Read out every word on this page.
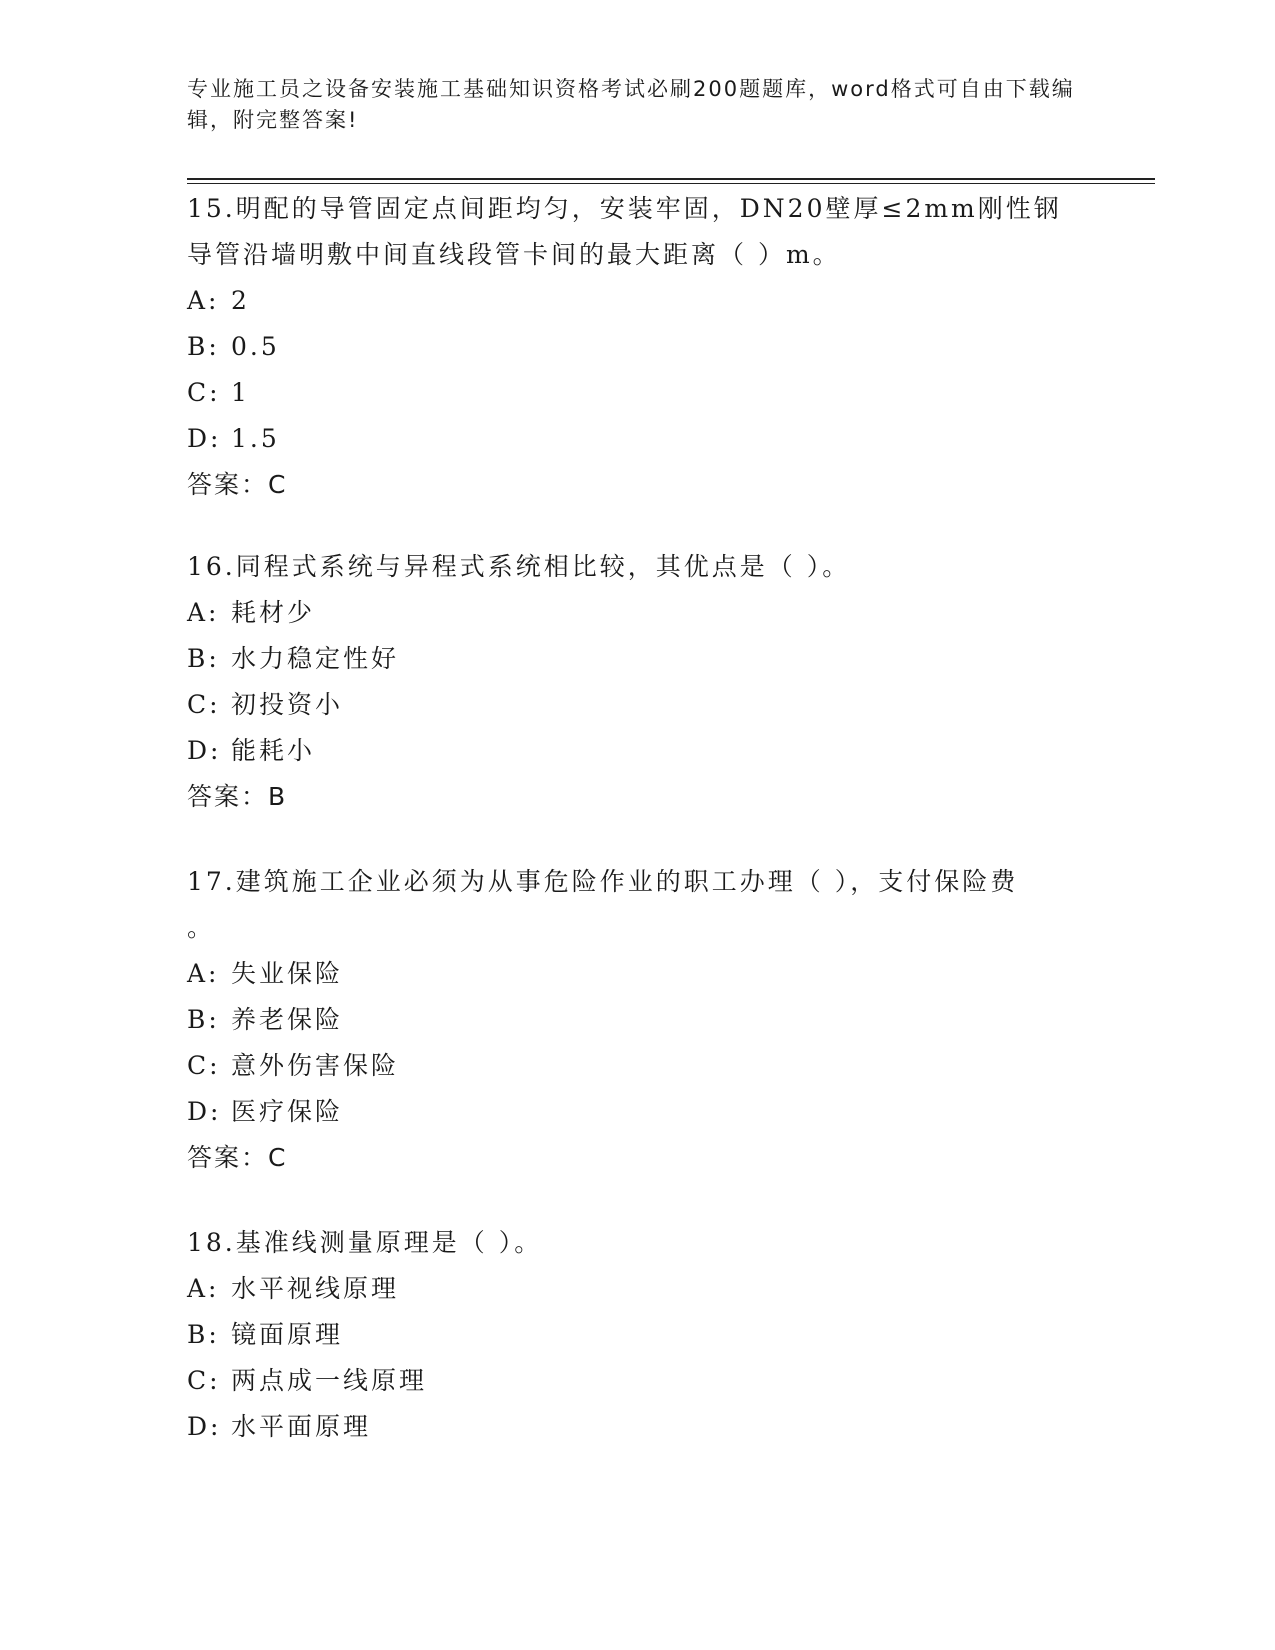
专业施工员之设备安装施工基础知识资格考试必刷200题题库，word格式可自由下载编辑，附完整答案!

15.明配的导管固定点间距均匀，安装牢固，DN20壁厚≤2mm刚性钢导管沿墙明敷中间直线段管卡间的最大距离（ ）m。

A: 2

B: 0.5

C: 1

D: 1.5

答案：C

16.同程式系统与异程式系统相比较，其优点是（ ）。

A: 耗材少

B: 水力稳定性好

C: 初投资小

D: 能耗小

答案：B

17.建筑施工企业必须为从事危险作业的职工办理（ ），支付保险费
。

A: 失业保险

B: 养老保险

C: 意外伤害保险

D: 医疗保险

答案：C

18.基准线测量原理是（ ）。

A: 水平视线原理

B: 镜面原理

C: 两点成一线原理

D: 水平面原理
